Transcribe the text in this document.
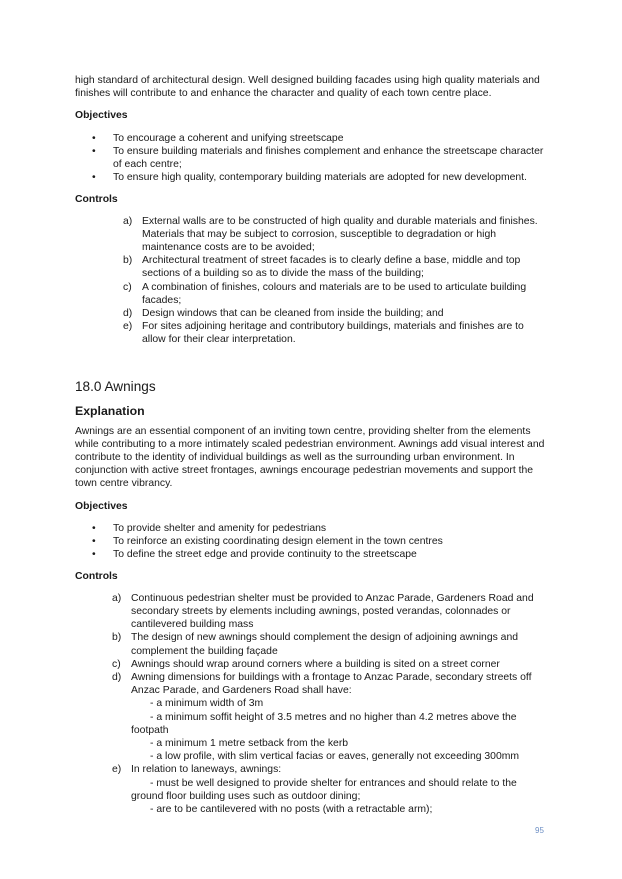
high standard of architectural design. Well designed building facades using high quality materials and finishes will contribute to and enhance the character and quality of each town centre place.

Objectives

• To encourage a coherent and unifying streetscape
• To ensure building materials and finishes complement and enhance the streetscape character of each centre;
• To ensure high quality, contemporary building materials are adopted for new development.

Controls

a) External walls are to be constructed of high quality and durable materials and finishes. Materials that may be subject to corrosion, susceptible to degradation or high maintenance costs are to be avoided;
b) Architectural treatment of street facades is to clearly define a base, middle and top sections of a building so as to divide the mass of the building;
c) A combination of finishes, colours and materials are to be used to articulate building facades;
d) Design windows that can be cleaned from inside the building; and
e) For sites adjoining heritage and contributory buildings, materials and finishes are to allow for their clear interpretation.
18.0 Awnings
Explanation

Awnings are an essential component of an inviting town centre, providing shelter from the elements while contributing to a more intimately scaled pedestrian environment. Awnings add visual interest and contribute to the identity of individual buildings as well as the surrounding urban environment. In conjunction with active street frontages, awnings encourage pedestrian movements and support the town centre vibrancy.

Objectives

• To provide shelter and amenity for pedestrians
• To reinforce an existing coordinating design element in the town centres
• To define the street edge and provide continuity to the streetscape

Controls

a) Continuous pedestrian shelter must be provided to Anzac Parade, Gardeners Road and secondary streets by elements including awnings, posted verandas, colonnades or cantilevered building mass
b) The design of new awnings should complement the design of adjoining awnings and complement the building façade
c) Awnings should wrap around corners where a building is sited on a street corner
d) Awning dimensions for buildings with a frontage to Anzac Parade, secondary streets off Anzac Parade, and Gardeners Road shall have:
- a minimum width of 3m
- a minimum soffit height of 3.5 metres and no higher than 4.2 metres above the footpath
- a minimum 1 metre setback from the kerb
- a low profile, with slim vertical facias or eaves, generally not exceeding 300mm
e) In relation to laneways, awnings:
- must be well designed to provide shelter for entrances and should relate to the ground floor building uses such as outdoor dining;
- are to be cantilevered with no posts (with a retractable arm);
95
